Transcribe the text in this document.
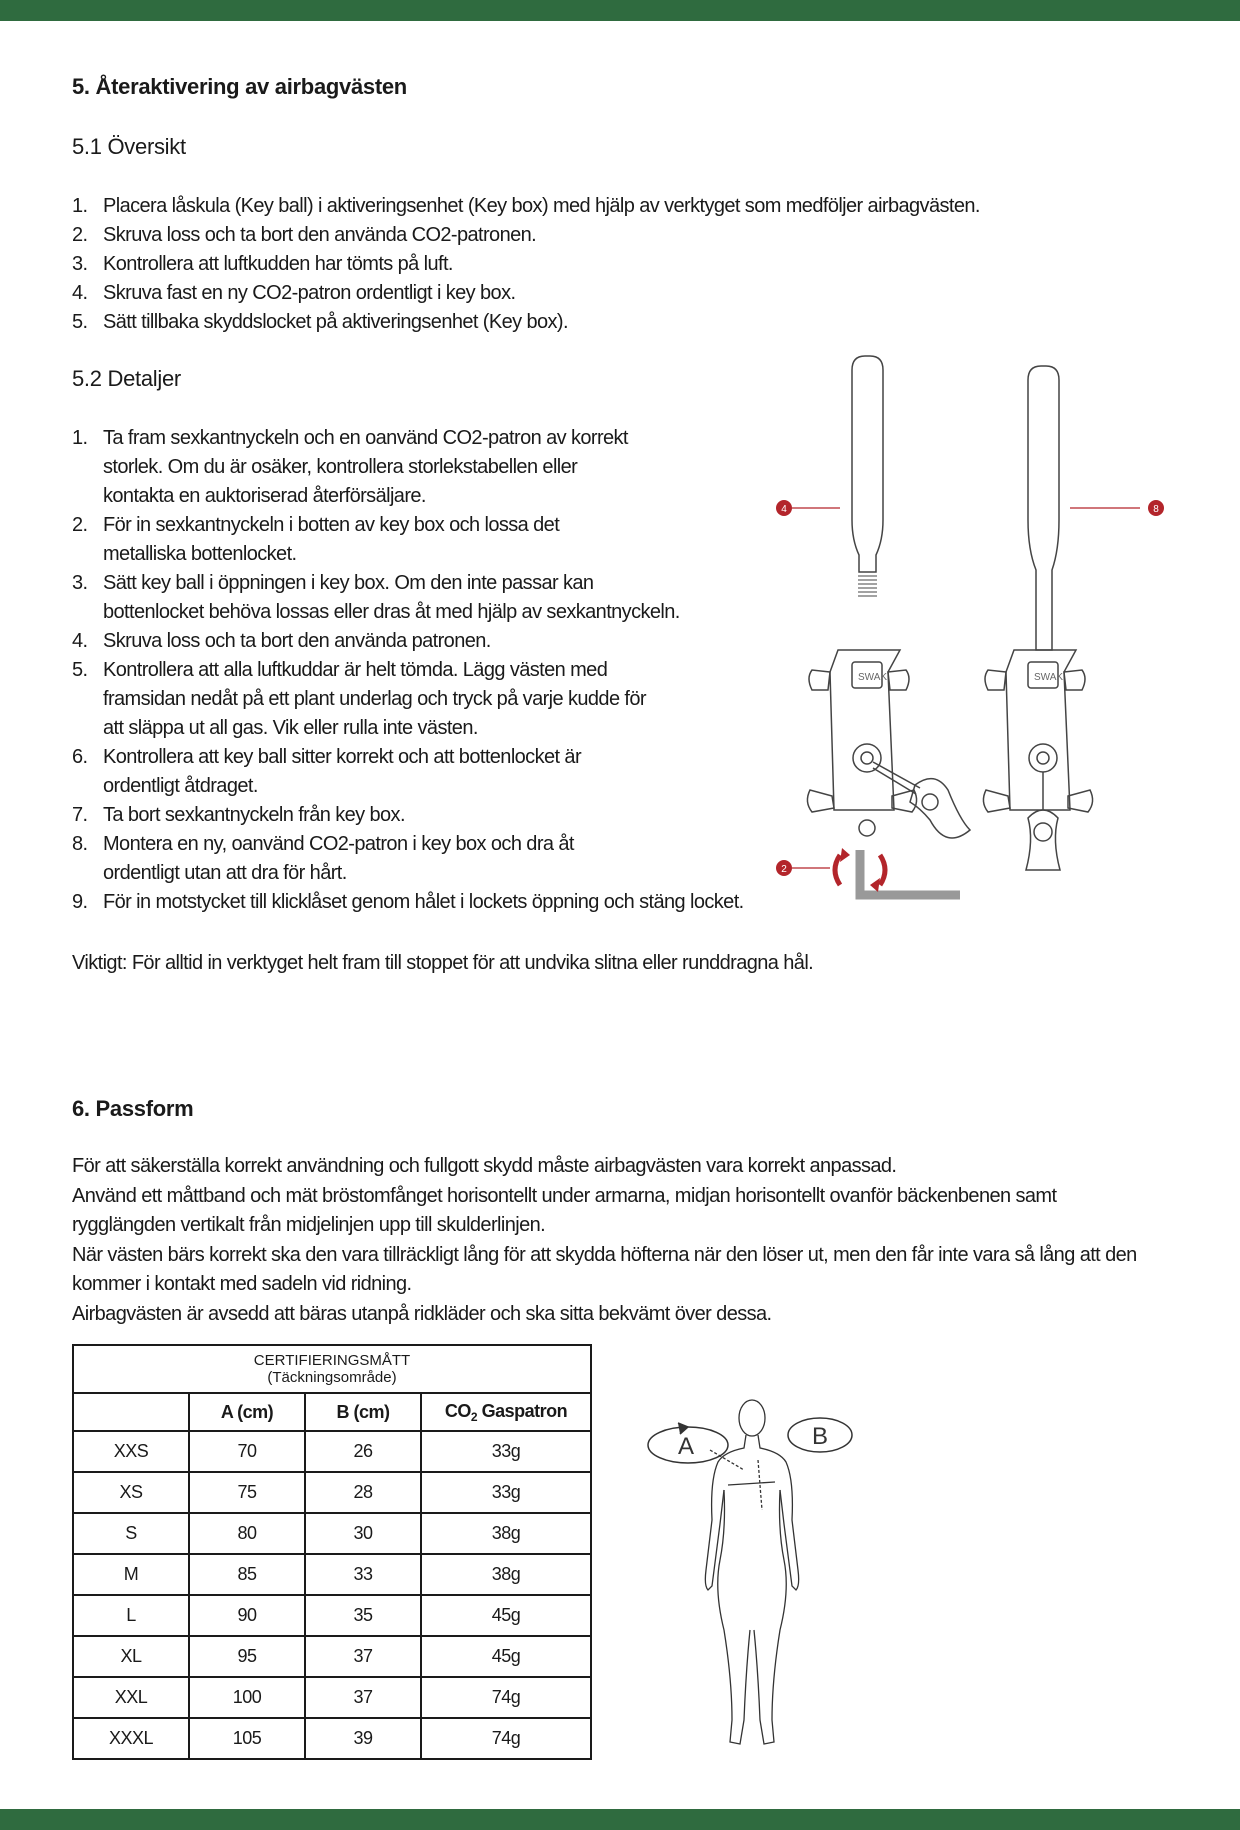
5. Återaktivering av airbagvästen
5.1 Översikt
1. Placera låskula (Key ball) i aktiveringsenhet (Key box) med hjälp av verktyget som medföljer airbagvästen.
2. Skruva loss och ta bort den använda CO2-patronen.
3. Kontrollera att luftkudden har tömts på luft.
4. Skruva fast en ny CO2-patron ordentligt i key box.
5. Sätt tillbaka skyddslocket på aktiveringsenhet (Key box).
5.2 Detaljer
1. Ta fram sexkantnyckeln och en oanvänd CO2-patron av korrekt
storlek. Om du är osäker, kontrollera storlekstabellen eller
kontakta en auktoriserad återförsäljare.
2. För in sexkantnyckeln i botten av key box och lossa det
metalliska bottenlocket.
3. Sätt key ball i öppningen i key box. Om den inte passar kan
bottenlocket behöva lossas eller dras åt med hjälp av sexkantnyckeln.
4. Skruva loss och ta bort den använda patronen.
5. Kontrollera att alla luftkuddar är helt tömda. Lägg västen med
framsidan nedåt på ett plant underlag och tryck på varje kudde för
att släppa ut all gas. Vik eller rulla inte västen.
6. Kontrollera att key ball sitter korrekt och att bottenlocket är
ordentligt åtdraget.
7. Ta bort sexkantnyckeln från key box.
8. Montera en ny, oanvänd CO2-patron i key box och dra åt
ordentligt utan att dra för hårt.
9. För in motstycket till klicklåset genom hålet i lockets öppning och stäng locket.
Viktigt: För alltid in verktyget helt fram till stoppet för att undvika slitna eller runddragna hål.
SWAK	SWAK
4	8
2
6. Passform
För att säkerställa korrekt användning och fullgott skydd måste airbagvästen vara korrekt anpassad.
Använd ett måttband och mät bröstomfånget horisontellt under armarna, midjan horisontellt ovanför bäckenbenen samt
rygglängden vertikalt från midjelinjen upp till skulderlinjen.
När västen bärs korrekt ska den vara tillräckligt lång för att skydda höfterna när den löser ut, men den får inte vara så lång att den
kommer i kontakt med sadeln vid ridning.
Airbagvästen är avsedd att bäras utanpå ridkläder och ska sitta bekvämt över dessa.
CERTIFIERINGSMÅTT
(Täckningsområde)			

	A (cm)	B (cm)	$CO_2$ Gaspatron
XXS	70	26	33g
XS	75	28	33g
S	80	30	38g
M	85	33	38g
L	90	35	45g
XL	95	37	45g
XXL	100	37	74g
XXXL	105	39	74g
A	B
